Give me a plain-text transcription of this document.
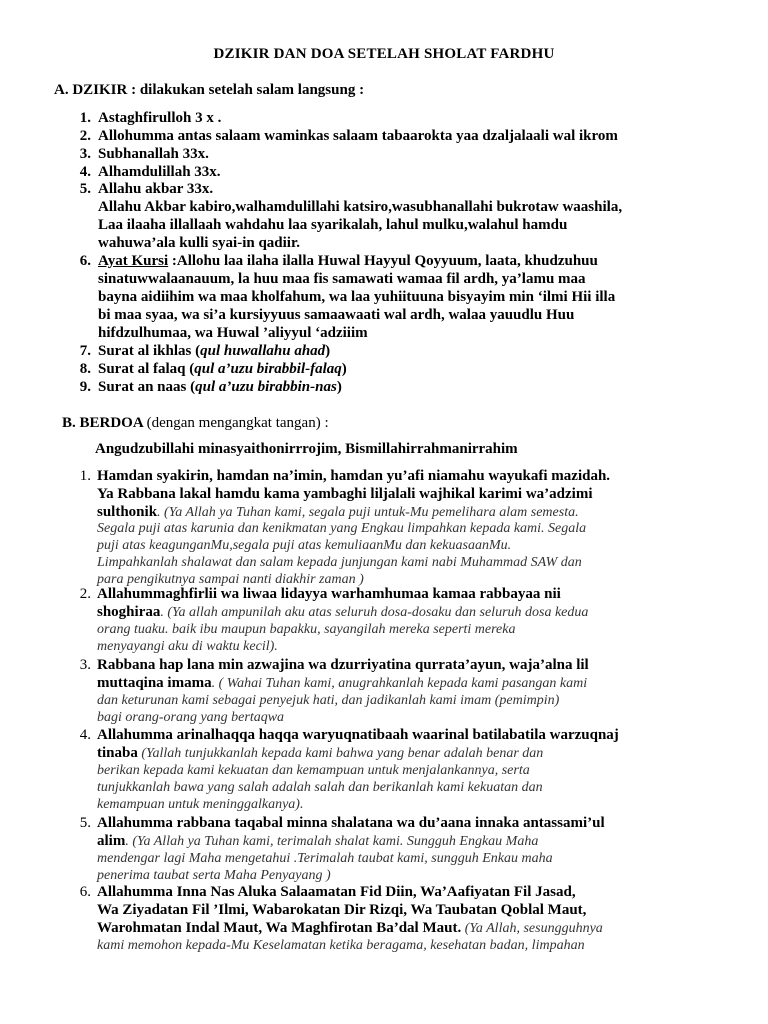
DZIKIR DAN DOA SETELAH SHOLAT FARDHU
A. DZIKIR : dilakukan setelah salam langsung :
1. Astaghfirulloh 3 x .
2. Allohumma antas salaam waminkas salaam tabaarokta yaa dzaljalaali wal ikrom
3. Subhanallah 33x.
4. Alhamdulillah 33x.
5. Allahu akbar 33x.
Allahu Akbar kabiro,walhamdulillahi katsiro,wasubhanallahi bukrotaw waashila,
Laa ilaaha illallaah wahdahu laa syarikalah, lahul mulku,walahul hamdu
wahuwa’ala kulli syai-in qadiir.
6. Ayat Kursi :Allohu laa ilaha ilalla Huwal Hayyul Qoyyuum, laata, khudzuhuu
sinatuwwalaanauum, la huu maa fis samawati wamaa fil ardh, ya’lamu maa
bayna aidiihim wa maa kholfahum, wa laa yuhiituuna bisyayim min ‘ilmi Hii illa
bi maa syaa, wa si’a kursiyyuus samaawaati wal ardh, walaa yauudlu Huu
hifdzulhumaa, wa Huwal ’aliyyul ‘adziiim
7. Surat al ikhlas (qul huwallahu ahad)
8. Surat al falaq (qul a’uzu birabbil-falaq)
9. Surat an naas (qul a’uzu birabbin-nas)
B. BERDOA (dengan mengangkat tangan) :
Angudzubillahi minasyaithonirrrojim, Bismillahirrahmanirrahim
1. Hamdan syakirin, hamdan na’imin, hamdan yu’afi niamahu wayukafi mazidah.
Ya Rabbana lakal hamdu kama yambaghi liljalali wajhikal karimi wa’adzimi
sulthonik. (Ya Allah ya Tuhan kami, segala puji untuk-Mu pemelihara alam semesta.
Segala puji atas karunia dan kenikmatan yang Engkau limpahkan kepada kami. Segala
puji atas keagunganMu,segala puji atas kemuliaanMu dan kekuasaanMu.
Limpahkanlah shalawat dan salam kepada junjungan kami nabi Muhammad SAW dan
para pengikutnya sampai nanti diakhir zaman )
2. Allahummaghfirlii wa liwaa lidayya warhamhumaa kamaa rabbayaa nii
shoghiraa. (Ya allah ampunilah aku atas seluruh dosa-dosaku dan seluruh dosa kedua
orang tuaku. baik ibu maupun bapakku, sayangilah mereka seperti mereka
menyayangi aku di waktu kecil).
3. Rabbana hap lana min azwajina wa dzurriyatina qurrata’ayun, waja’alna lil
muttaqina imama. ( Wahai Tuhan kami, anugrahkanlah kepada kami pasangan kami
dan keturunan kami sebagai penyejuk hati, dan jadikanlah kami imam (pemimpin)
bagi orang-orang yang bertaqwa
4. Allahumma arinalhaqqa haqqa waryuqnatibaah waarinal batilabatila warzuqnaj
tinaba (Yallah tunjukkanlah kepada kami bahwa yang benar adalah benar dan
berikan kepada kami kekuatan dan kemampuan untuk menjalankannya, serta
tunjukkanlah bawa yang salah adalah salah dan berikanlah kami kekuatan dan
kemampuan untuk meninggalkanya).
5. Allahumma rabbana taqabal minna shalatana wa du’aana innaka antassami’ul
alim. (Ya Allah ya Tuhan kami, terimalah shalat kami. Sungguh Engkau Maha
mendengar lagi Maha mengetahui .Terimalah taubat kami, sungguh Enkau maha
penerima taubat serta Maha Penyayang )
6. Allahumma Inna Nas Aluka Salaamatan Fid Diin, Wa’Aafiyatan Fil Jasad,
Wa Ziyadatan Fil ’Ilmi, Wabarokatan Dir Rizqi, Wa Taubatan Qoblal Maut,
Warohmatan Indal Maut, Wa Maghfirotan Ba’dal Maut. (Ya Allah, sesungguhnya
kami memohon kepada-Mu Keselamatan ketika beragama, kesehatan badan, limpahan
